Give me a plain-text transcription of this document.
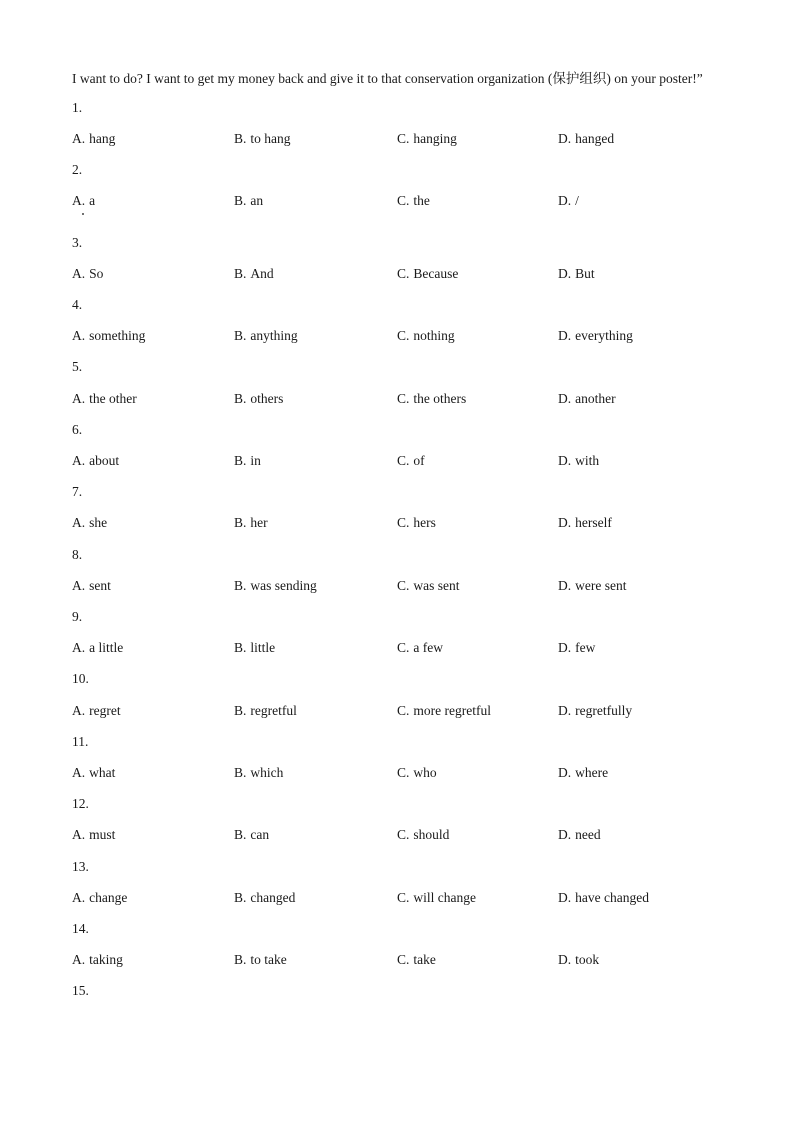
I want to do? I want to get my money back and give it to that conservation organization (保护组织) on your poster!”
1.
A. hang	B. to hang	C. hanging	D. hanged
2.
A. a	B. an	C. the	D. /
3.
A. So	B. And	C. Because	D. But
4.
A. something	B. anything	C. nothing	D. everything
5.
A. the other	B. others	C. the others	D. another
6.
A. about	B. in	C. of	D. with
7.
A. she	B. her	C. hers	D. herself
8.
A. sent	B. was sending	C. was sent	D. were sent
9.
A. a little	B. little	C. a few	D. few
10.
A. regret	B. regretful	C. more regretful	D. regretfully
11.
A. what	B. which	C. who	D. where
12.
A. must	B. can	C. should	D. need
13.
A. change	B. changed	C. will change	D. have changed
14.
A. taking	B. to take	C. take	D. took
15.
